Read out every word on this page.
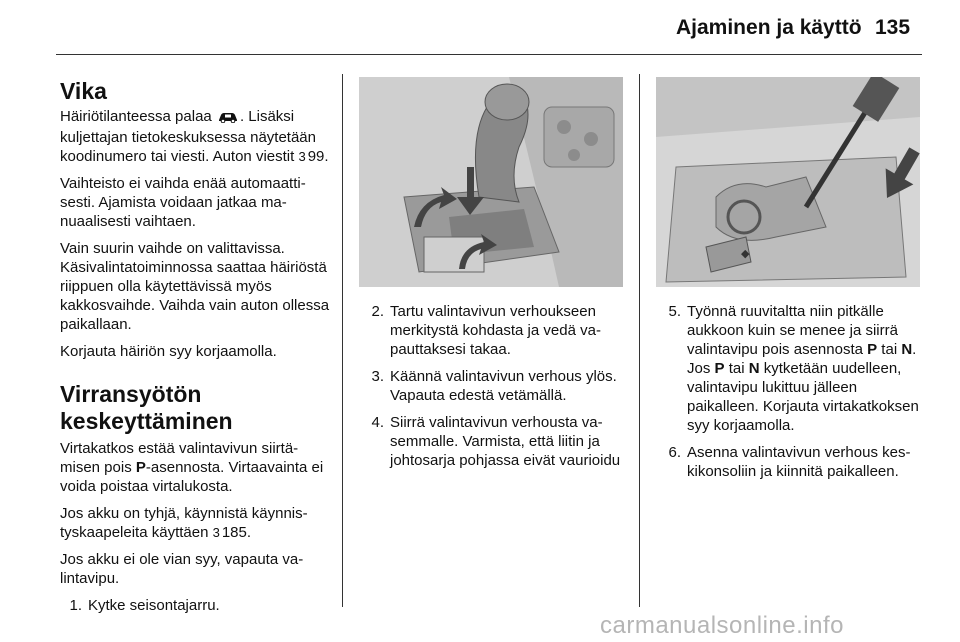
Ajaminen ja käyttö 135
Vika

Häiriötilanteessa palaa . Lisäksi kuljettajan tietokeskuksessa näytetään koodinumero tai viesti. Auton viestit 3 99.

Vaihteisto ei vaihda enää automaattisesti. Ajamista voidaan jatkaa manuaalisesti vaihtaen.

Vain suurin vaihde on valittavissa. Käsivalintatoiminnossa saattaa häiriöstä riippuen olla käytettävissä myös kakkosvaihde. Vaihda vain auton ollessa paikallaan.

Korjauta häiriön syy korjaamolla.

Virransyötön keskeyttäminen

Virtakatkos estää valintavivun siirtämisen pois P-asennosta. Virtaavainta ei voida poistaa virtalukosta.

Jos akku on tyhjä, käynnistä käynnistyskaapeleita käyttäen 3 185.

Jos akku ei ole vian syy, vapauta valintavipu.

1. Kytke seisontajarru.
2. Tartu valintavivun verhoukseen merkitystä kohdasta ja vedä vapauttaksesi takaa.
3. Käännä valintavivun verhous ylös. Vapauta edestä vetämällä.
4. Siirrä valintavivun verhousta vasemmalle. Varmista, että liitin ja johtosarja pohjassa eivät vaurioidu
◆
5. Työnnä ruuvitaltta niin pitkälle aukkoon kuin se menee ja siirrä valintavipu pois asennosta P tai N. Jos P tai N kytketään uudelleen, valintavipu lukittuu jälleen paikalleen. Korjauta virtakatkoksen syy korjaamolla.
6. Asenna valintavivun verhous keskikonsoliin ja kiinnitä paikalleen.
carmanualsonline.info
